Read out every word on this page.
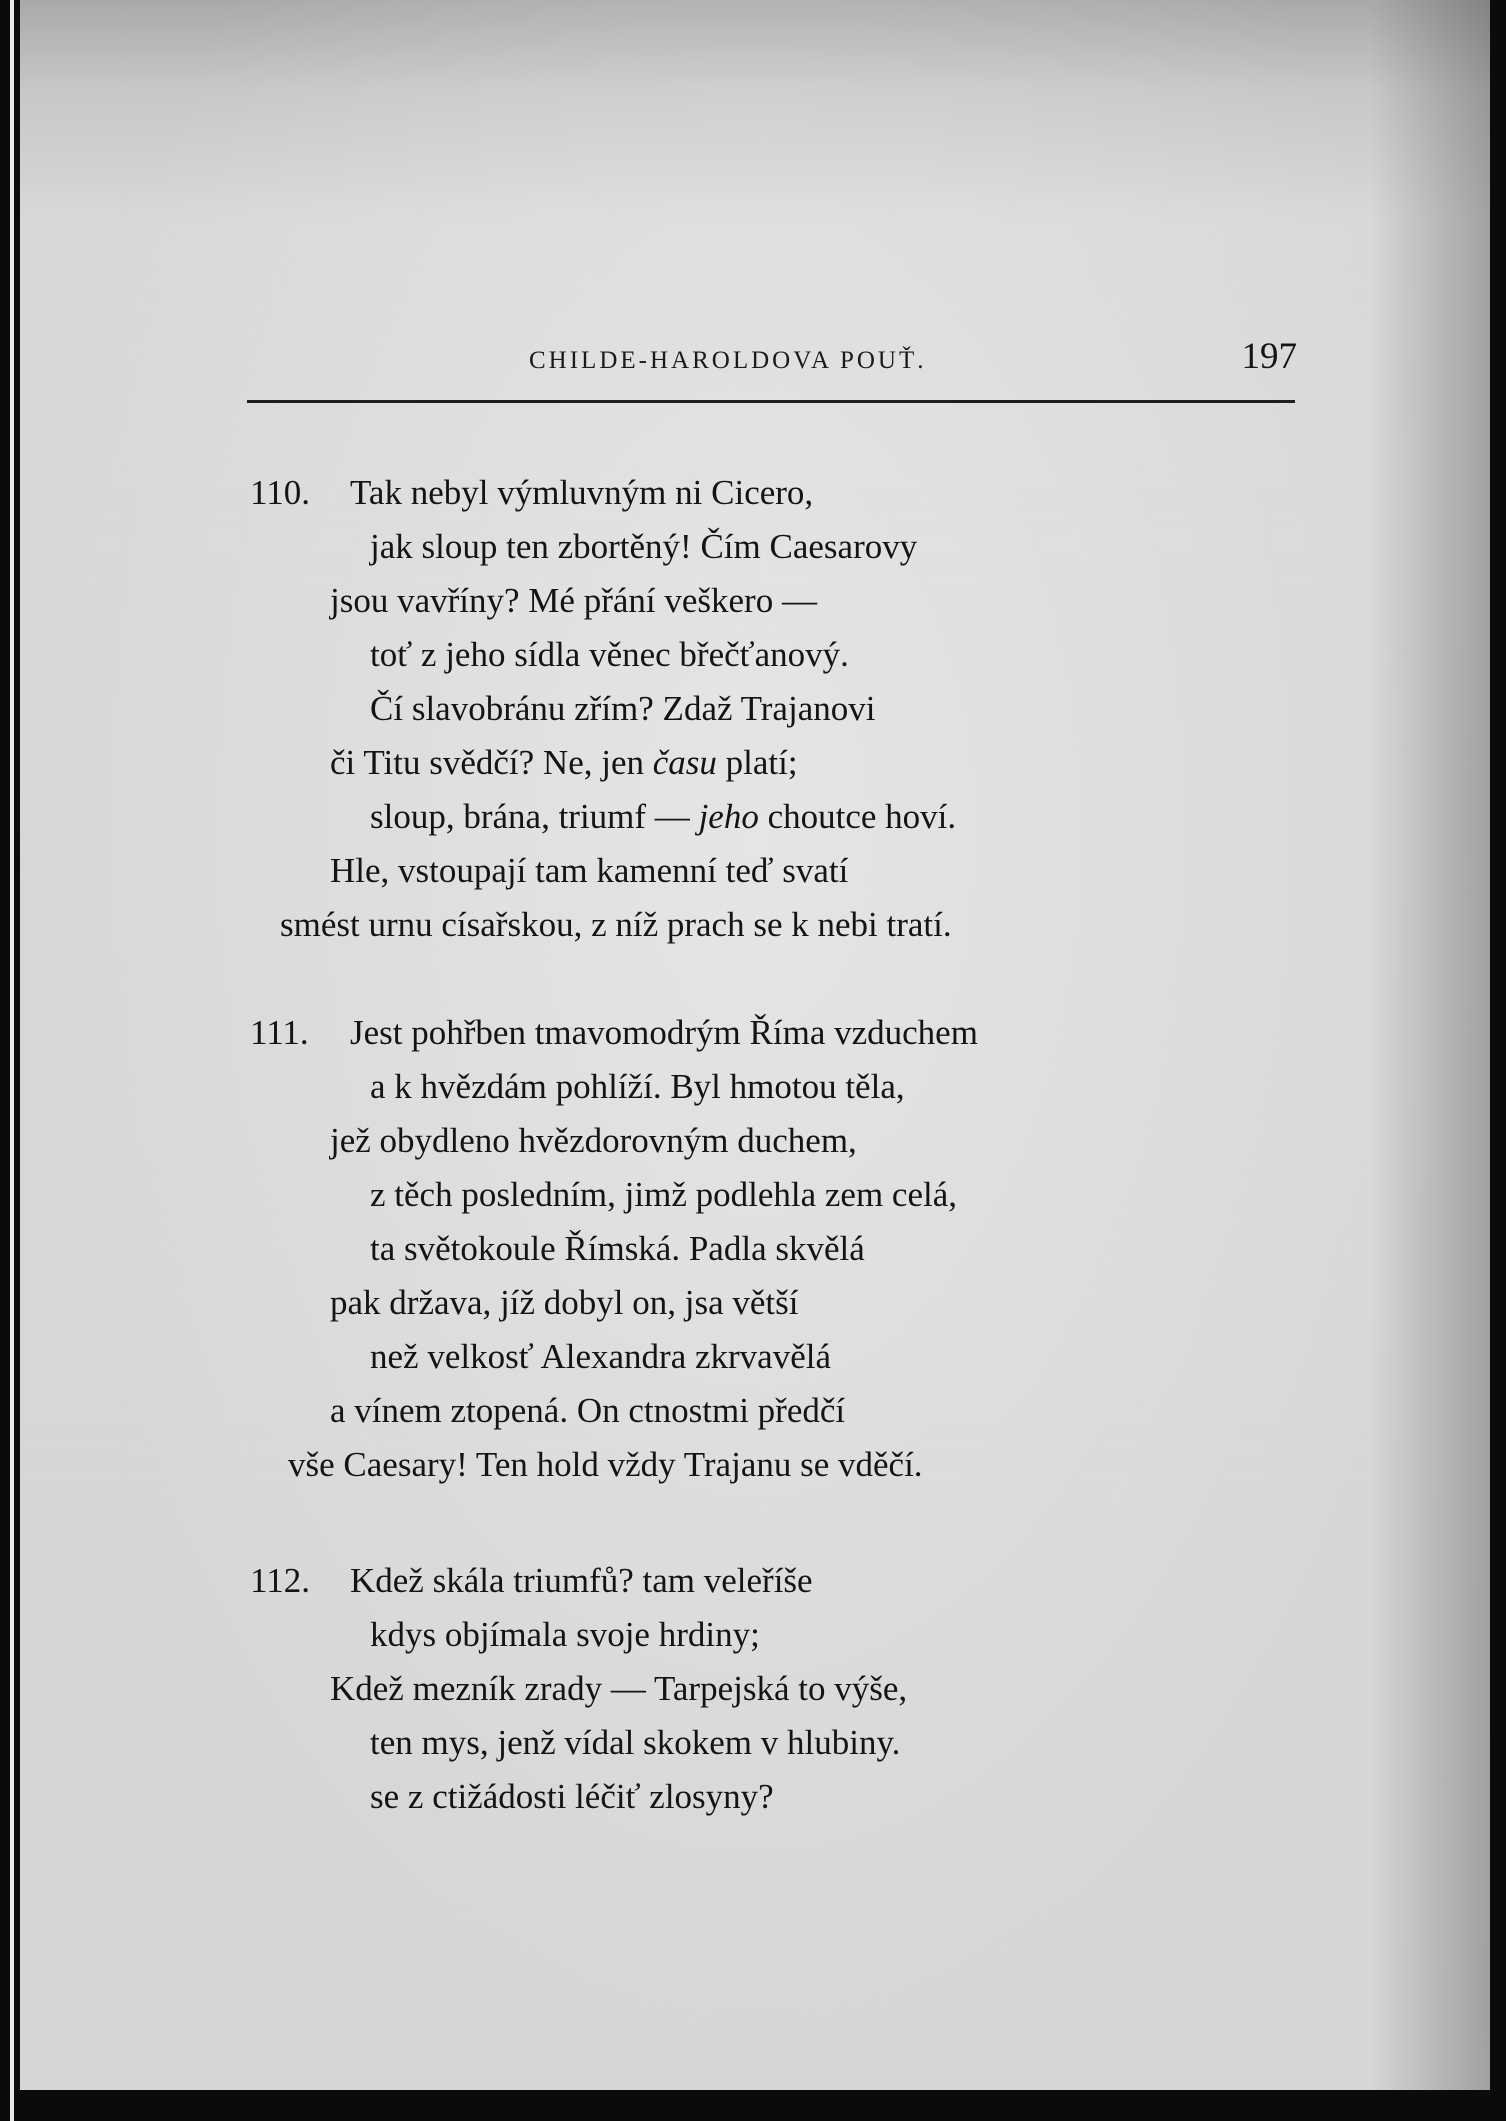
CHILDE-HAROLDOVA POUŤ.	197
110. Tak nebyl výmluvným ni Cicero,
jak sloup ten zbortěný! Čím Caesarovy
jsou vavříny? Mé přání veškero —
toť z jeho sídla věnec břečťanový.
Čí slavobránu zřím? Zdaž Trajanovi
či Titu svědčí? Ne, jen času platí;
sloup, brána, triumf — jeho choutce hoví.
Hle, vstoupají tam kamenní teď svatí
smést urnu císařskou, z níž prach se k nebi tratí.
111. Jest pohřben tmavomodrým Říma vzduchem
a k hvězdám pohlíží. Byl hmotou těla,
jež obydleno hvězdorovným duchem,
z těch posledním, jimž podlehla zem celá,
ta světokoule Římská. Padla skvělá
pak država, jíž dobyl on, jsa větší
než velkosť Alexandra zkrvavělá
a vínem ztopená. On ctnostmi předčí
vše Caesary! Ten hold vždy Trajanu se vděčí.
112. Kdež skála triumfů? tam veleříše
kdys objímala svoje hrdiny;
Kdež mezník zrady — Tarpejská to výše,
ten mys, jenž vídal skokem v hlubiny.
se z ctižádosti léčiť zlosyny?
